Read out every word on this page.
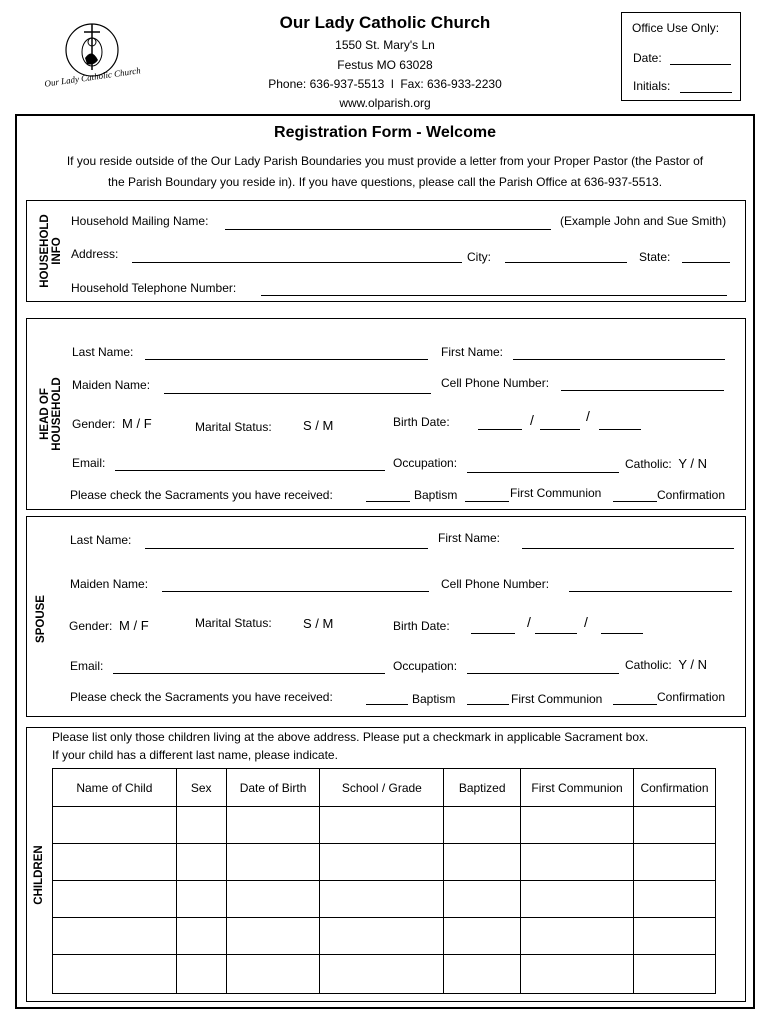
Our Lady Catholic Church
Our Lady Catholic Church
1550 St. Mary's Ln
Festus MO 63028
Phone: 636-937-5513  l  Fax: 636-933-2230
www.olparish.org
Office Use Only:
Date:
Initials:
Registration Form - Welcome
If you reside outside of the Our Lady Parish Boundaries you must provide a letter from your Proper Pastor (the Pastor of
the Parish Boundary you reside in). If you have questions, please call the Parish Office at 636-937-5513.
HOUSEHOLD INFO
Household Mailing Name:	(Example John and Sue Smith)
Address:	City:	State:
Household Telephone Number:
HEAD OF HOUSEHOLD
Last Name:	First Name:
Maiden Name:	Cell Phone Number:
Gender: M / F	Marital Status: S / M	Birth Date:	/	/
Email:	Occupation:	Catholic: Y / N
Please check the Sacraments you have received:	Baptism	First Communion	Confirmation
SPOUSE
Last Name:	First Name:
Maiden Name:	Cell Phone Number:
Gender: M / F	Marital Status: S / M	Birth Date:	/	/
Email:	Occupation:	Catholic: Y / N
Please check the Sacraments you have received:	Baptism	First Communion	Confirmation
CHILDREN
Please list only those children living at the above address. Please put a checkmark in applicable Sacrament box.
If your child has a different last name, please indicate.
Name of Child	Sex	Date of Birth	School / Grade	Baptized	First Communion	Confirmation
